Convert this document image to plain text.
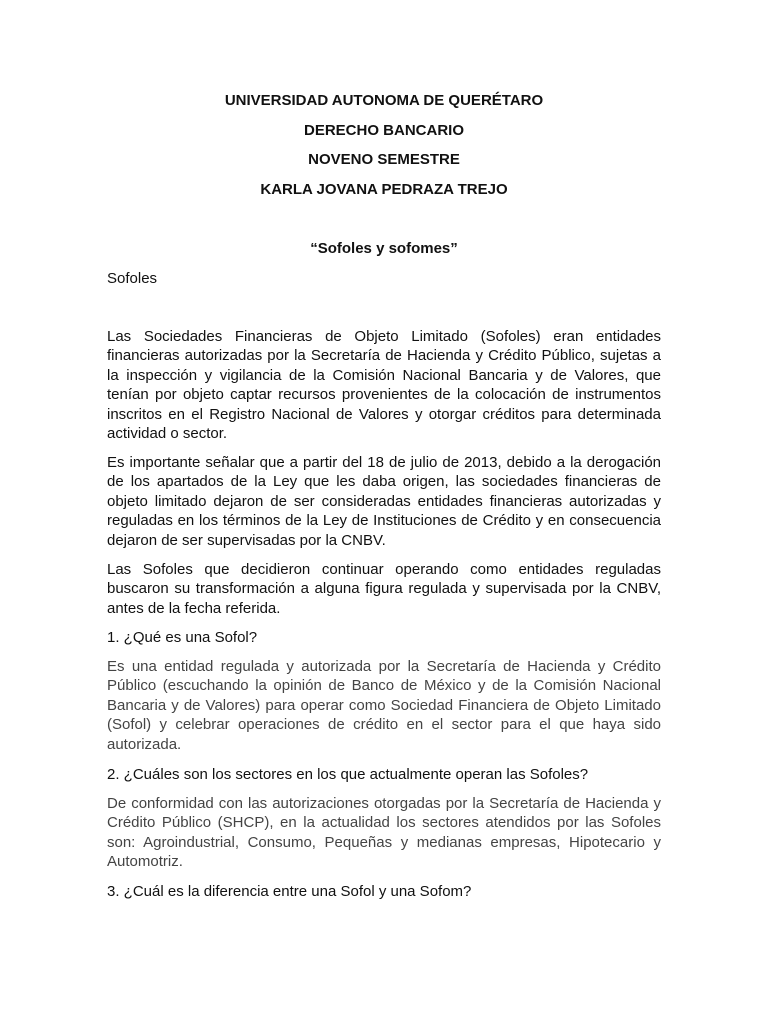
UNIVERSIDAD AUTONOMA DE QUERÉTARO
DERECHO BANCARIO
NOVENO SEMESTRE
KARLA JOVANA PEDRAZA TREJO
“Sofoles y sofomes”
Sofoles
Las Sociedades Financieras de Objeto Limitado (Sofoles) eran entidades financieras autorizadas por la Secretaría de Hacienda y Crédito Público, sujetas a la inspección y vigilancia de la Comisión Nacional Bancaria y de Valores, que tenían por objeto captar recursos provenientes de la colocación de instrumentos inscritos en el Registro Nacional de Valores y otorgar créditos para determinada actividad o sector.
Es importante señalar que a partir del 18 de julio de 2013, debido a la derogación de los apartados de la Ley que les daba origen, las sociedades financieras de objeto limitado dejaron de ser consideradas entidades financieras autorizadas y reguladas en los términos de la Ley de Instituciones de Crédito y en consecuencia dejaron de ser supervisadas por la CNBV.
Las Sofoles que decidieron continuar operando como entidades reguladas buscaron su transformación a alguna figura regulada y supervisada por la CNBV, antes de la fecha referida.
1. ¿Qué es una Sofol?
Es una entidad regulada y autorizada por la Secretaría de Hacienda y Crédito Público (escuchando la opinión de Banco de México y de la Comisión Nacional Bancaria y de Valores) para operar como Sociedad Financiera de Objeto Limitado (Sofol) y celebrar operaciones de crédito en el sector para el que haya sido autorizada.
2. ¿Cuáles son los sectores en los que actualmente operan las Sofoles?
De conformidad con las autorizaciones otorgadas por la Secretaría de Hacienda y Crédito Público (SHCP), en la actualidad los sectores atendidos por las Sofoles son: Agroindustrial, Consumo, Pequeñas y medianas empresas, Hipotecario y Automotriz.
3. ¿Cuál es la diferencia entre una Sofol y una Sofom?
